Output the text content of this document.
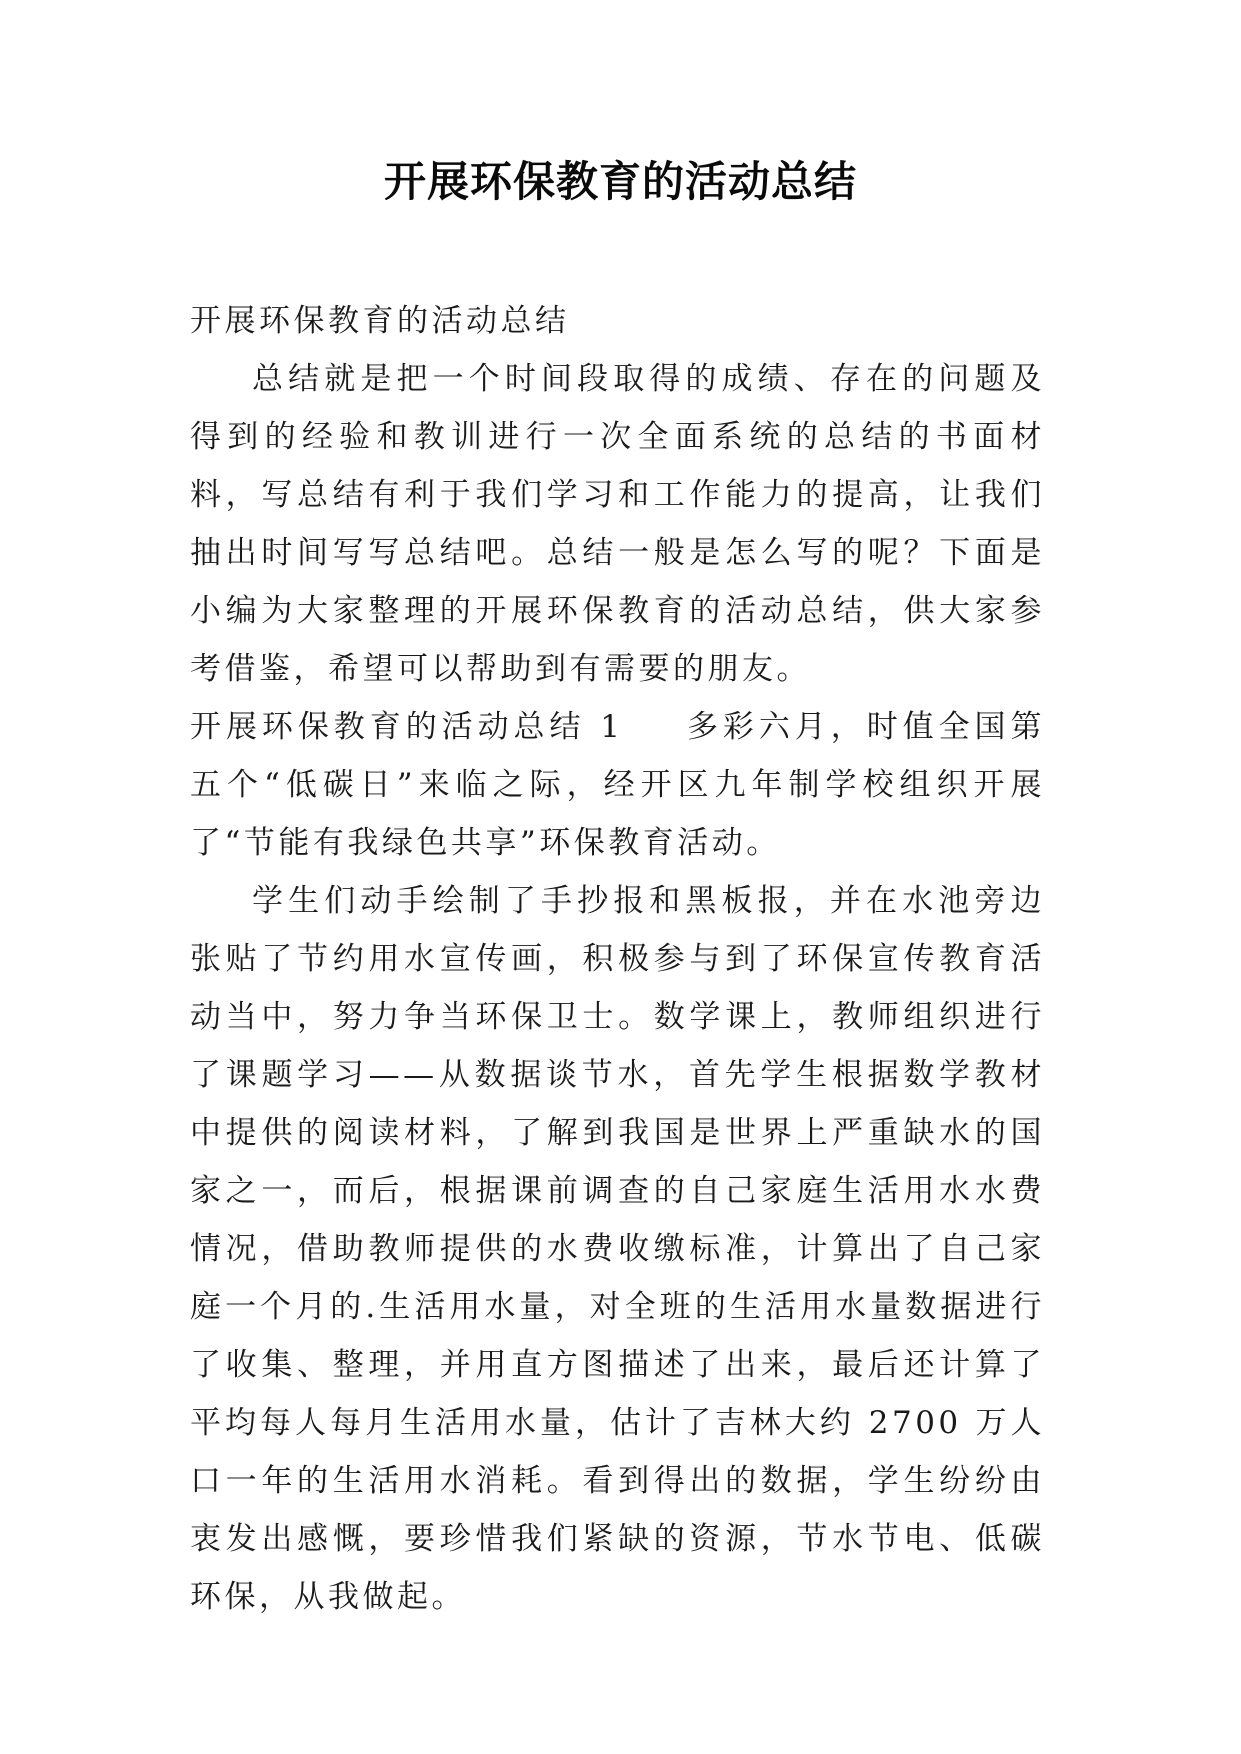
开展环保教育的活动总结

开展环保教育的活动总结

总结就是把一个时间段取得的成绩、存在的问题及得到的经验和教训进行一次全面系统的总结的书面材料，写总结有利于我们学习和工作能力的提高，让我们抽出时间写写总结吧。总结一般是怎么写的呢？下面是小编为大家整理的开展环保教育的活动总结，供大家参考借鉴，希望可以帮助到有需要的朋友。

开展环保教育的活动总结 1 多彩六月，时值全国第五个“低碳日”来临之际，经开区九年制学校组织开展了“节能有我绿色共享”环保教育活动。

学生们动手绘制了手抄报和黑板报，并在水池旁边张贴了节约用水宣传画，积极参与到了环保宣传教育活动当中，努力争当环保卫士。数学课上，教师组织进行了课题学习——从数据谈节水，首先学生根据数学教材中提供的阅读材料，了解到我国是世界上严重缺水的国家之一，而后，根据课前调查的自己家庭生活用水水费情况，借助教师提供的水费收缴标准，计算出了自己家庭一个月的.生活用水量，对全班的生活用水量数据进行了收集、整理，并用直方图描述了出来，最后还计算了平均每人每月生活用水量，估计了吉林大约 2700 万人口一年的生活用水消耗。看到得出的数据，学生纷纷由衷发出感慨，要珍惜我们紧缺的资源，节水节电、低碳环保，从我做起。
